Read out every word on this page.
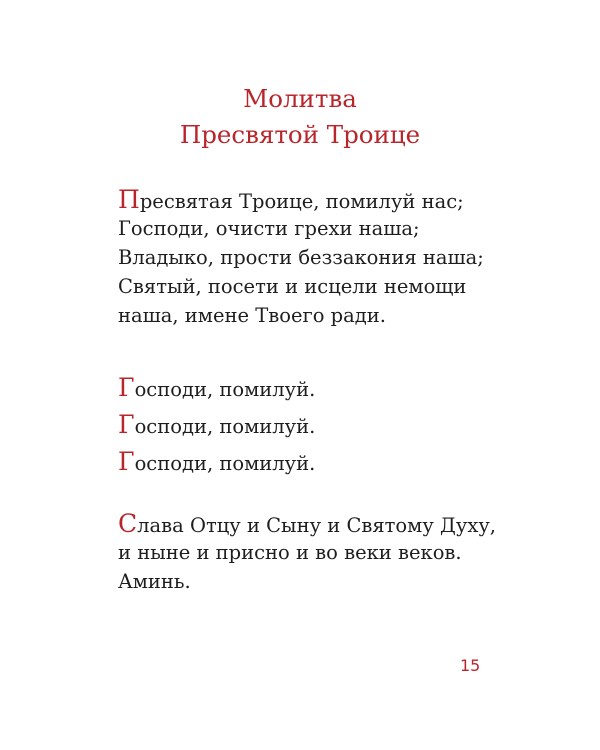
Молитва
Пресвятой Троице
Пресвятая Троице, помилуй нас;
Господи, очисти грехи наша;
Владыко, прости беззакония наша;
Святый, посети и исцели немощи
наша, имене Твоего ради.
Господи, помилуй.
Господи, помилуй.
Господи, помилуй.
Слава Отцу и Сыну и Святому Духу,
и ныне и присно и во веки веков.
Аминь.
15
